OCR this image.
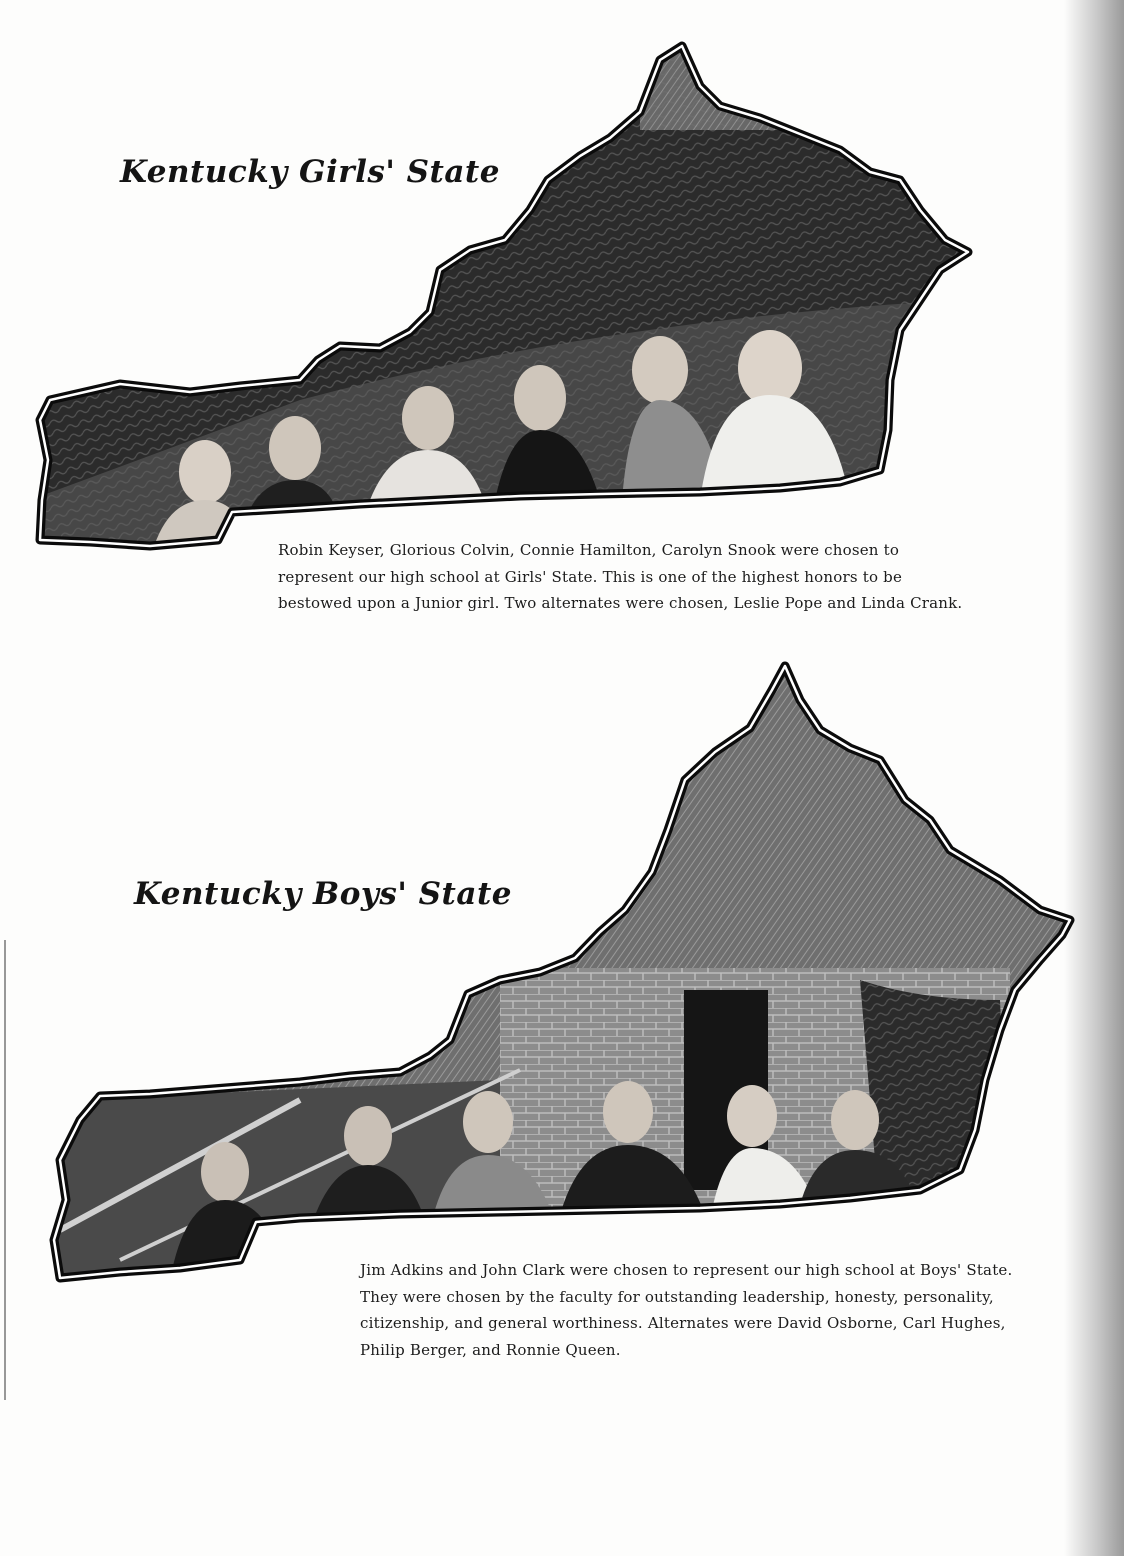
Kentucky Girls' State
Robin Keyser, Glorious Colvin, Connie Hamilton, Carolyn Snook were chosen to represent our high school at Girls' State. This is one of the highest honors to be bestowed upon a Junior girl. Two alternates were chosen, Leslie Pope and Linda Crank.
Kentucky Boys' State
Jim Adkins and John Clark were chosen to represent our high school at Boys' State. They were chosen by the faculty for outstanding leadership, honesty, personality, citizenship, and general worthiness. Alternates were David Osborne, Carl Hughes, Philip Berger, and Ronnie Queen.
